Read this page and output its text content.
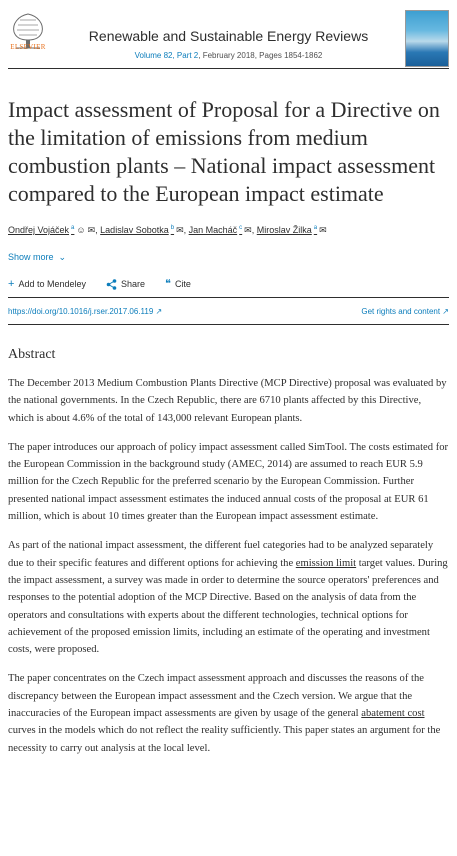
ELSEVIER
Renewable and Sustainable Energy Reviews
Volume 82, Part 2, February 2018, Pages 1854-1862
Impact assessment of Proposal for a Directive on the limitation of emissions from medium combustion plants – National impact assessment compared to the European impact estimate
Ondřej Vojáček $^a$ ☺ ✉, Ladislav Sobotka $^b$ ✉, Jan Macháč $^c$ ✉, Miroslav Žilka $^a$ ✉
Show more ⌄
+ Add to Mendeley	Share ❝ Cite
https://doi.org/10.1016/j.rser.2017.06.119 ↗	Get rights and content ↗
Abstract

The December 2013 Medium Combustion Plants Directive (MCP Directive) proposal was evaluated by the national governments. In the Czech Republic, there are 6710 plants affected by this Directive, which is about 4.6% of the total of 143,000 relevant European plants.

The paper introduces our approach of policy impact assessment called SimTool. The costs estimated for the European Commission in the background study (AMEC, 2014) are assumed to reach EUR 5.9 million for the Czech Republic for the preferred scenario by the European Commission. Further presented national impact assessment estimates the induced annual costs of the proposal at EUR 61 million, which is about 10 times greater than the European impact assessment estimate.

As part of the national impact assessment, the different fuel categories had to be analyzed separately due to their specific features and different options for achieving the emission limit target values. During the impact assessment, a survey was made in order to determine the source operators' preferences and responses to the potential adoption of the MCP Directive. Based on the analysis of data from the operators and consultations with experts about the different technologies, technical options for achievement of the proposed emission limits, including an estimate of the operating and investment costs, were proposed.

The paper concentrates on the Czech impact assessment approach and discusses the reasons of the discrepancy between the European impact assessment and the Czech version. We argue that the inaccuracies of the European impact assessments are given by usage of the general abatement cost curves in the models which do not reflect the reality sufficiently. This paper states an argument for the necessity to carry out analysis at the local level.
